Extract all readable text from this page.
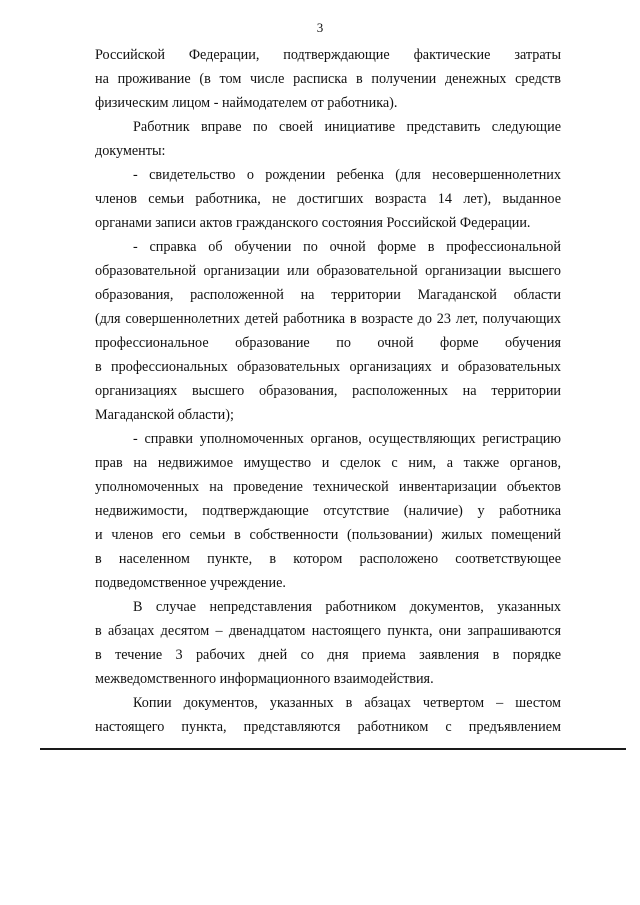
3
Российской Федерации, подтверждающие фактические затраты
на проживание (в том числе расписка в получении денежных средств
физическим лицом - наймодателем от работника).
Работник вправе по своей инициативе представить следующие
документы:
- свидетельство о рождении ребенка (для несовершеннолетних
членов семьи работника, не достигших возраста 14 лет), выданное
органами записи актов гражданского состояния Российской Федерации.
- справка об обучении по очной форме в профессиональной
образовательной организации или образовательной организации высшего
образования, расположенной на территории Магаданской области
(для совершеннолетних детей работника в возрасте до 23 лет, получающих
профессиональное образование по очной форме обучения
в профессиональных образовательных организациях и образовательных
организациях высшего образования, расположенных на территории
Магаданской области);
- справки уполномоченных органов, осуществляющих регистрацию
прав на недвижимое имущество и сделок с ним, а также органов,
уполномоченных на проведение технической инвентаризации объектов
недвижимости, подтверждающие отсутствие (наличие) у работника
и членов его семьи в собственности (пользовании) жилых помещений
в населенном пункте, в котором расположено соответствующее
подведомственное учреждение.
В случае непредставления работником документов, указанных
в абзацах десятом – двенадцатом настоящего пункта, они запрашиваются
в течение 3 рабочих дней со дня приема заявления в порядке
межведомственного информационного взаимодействия.
Копии документов, указанных в абзацах четвертом – шестом
настоящего пункта, представляются работником с предъявлением
